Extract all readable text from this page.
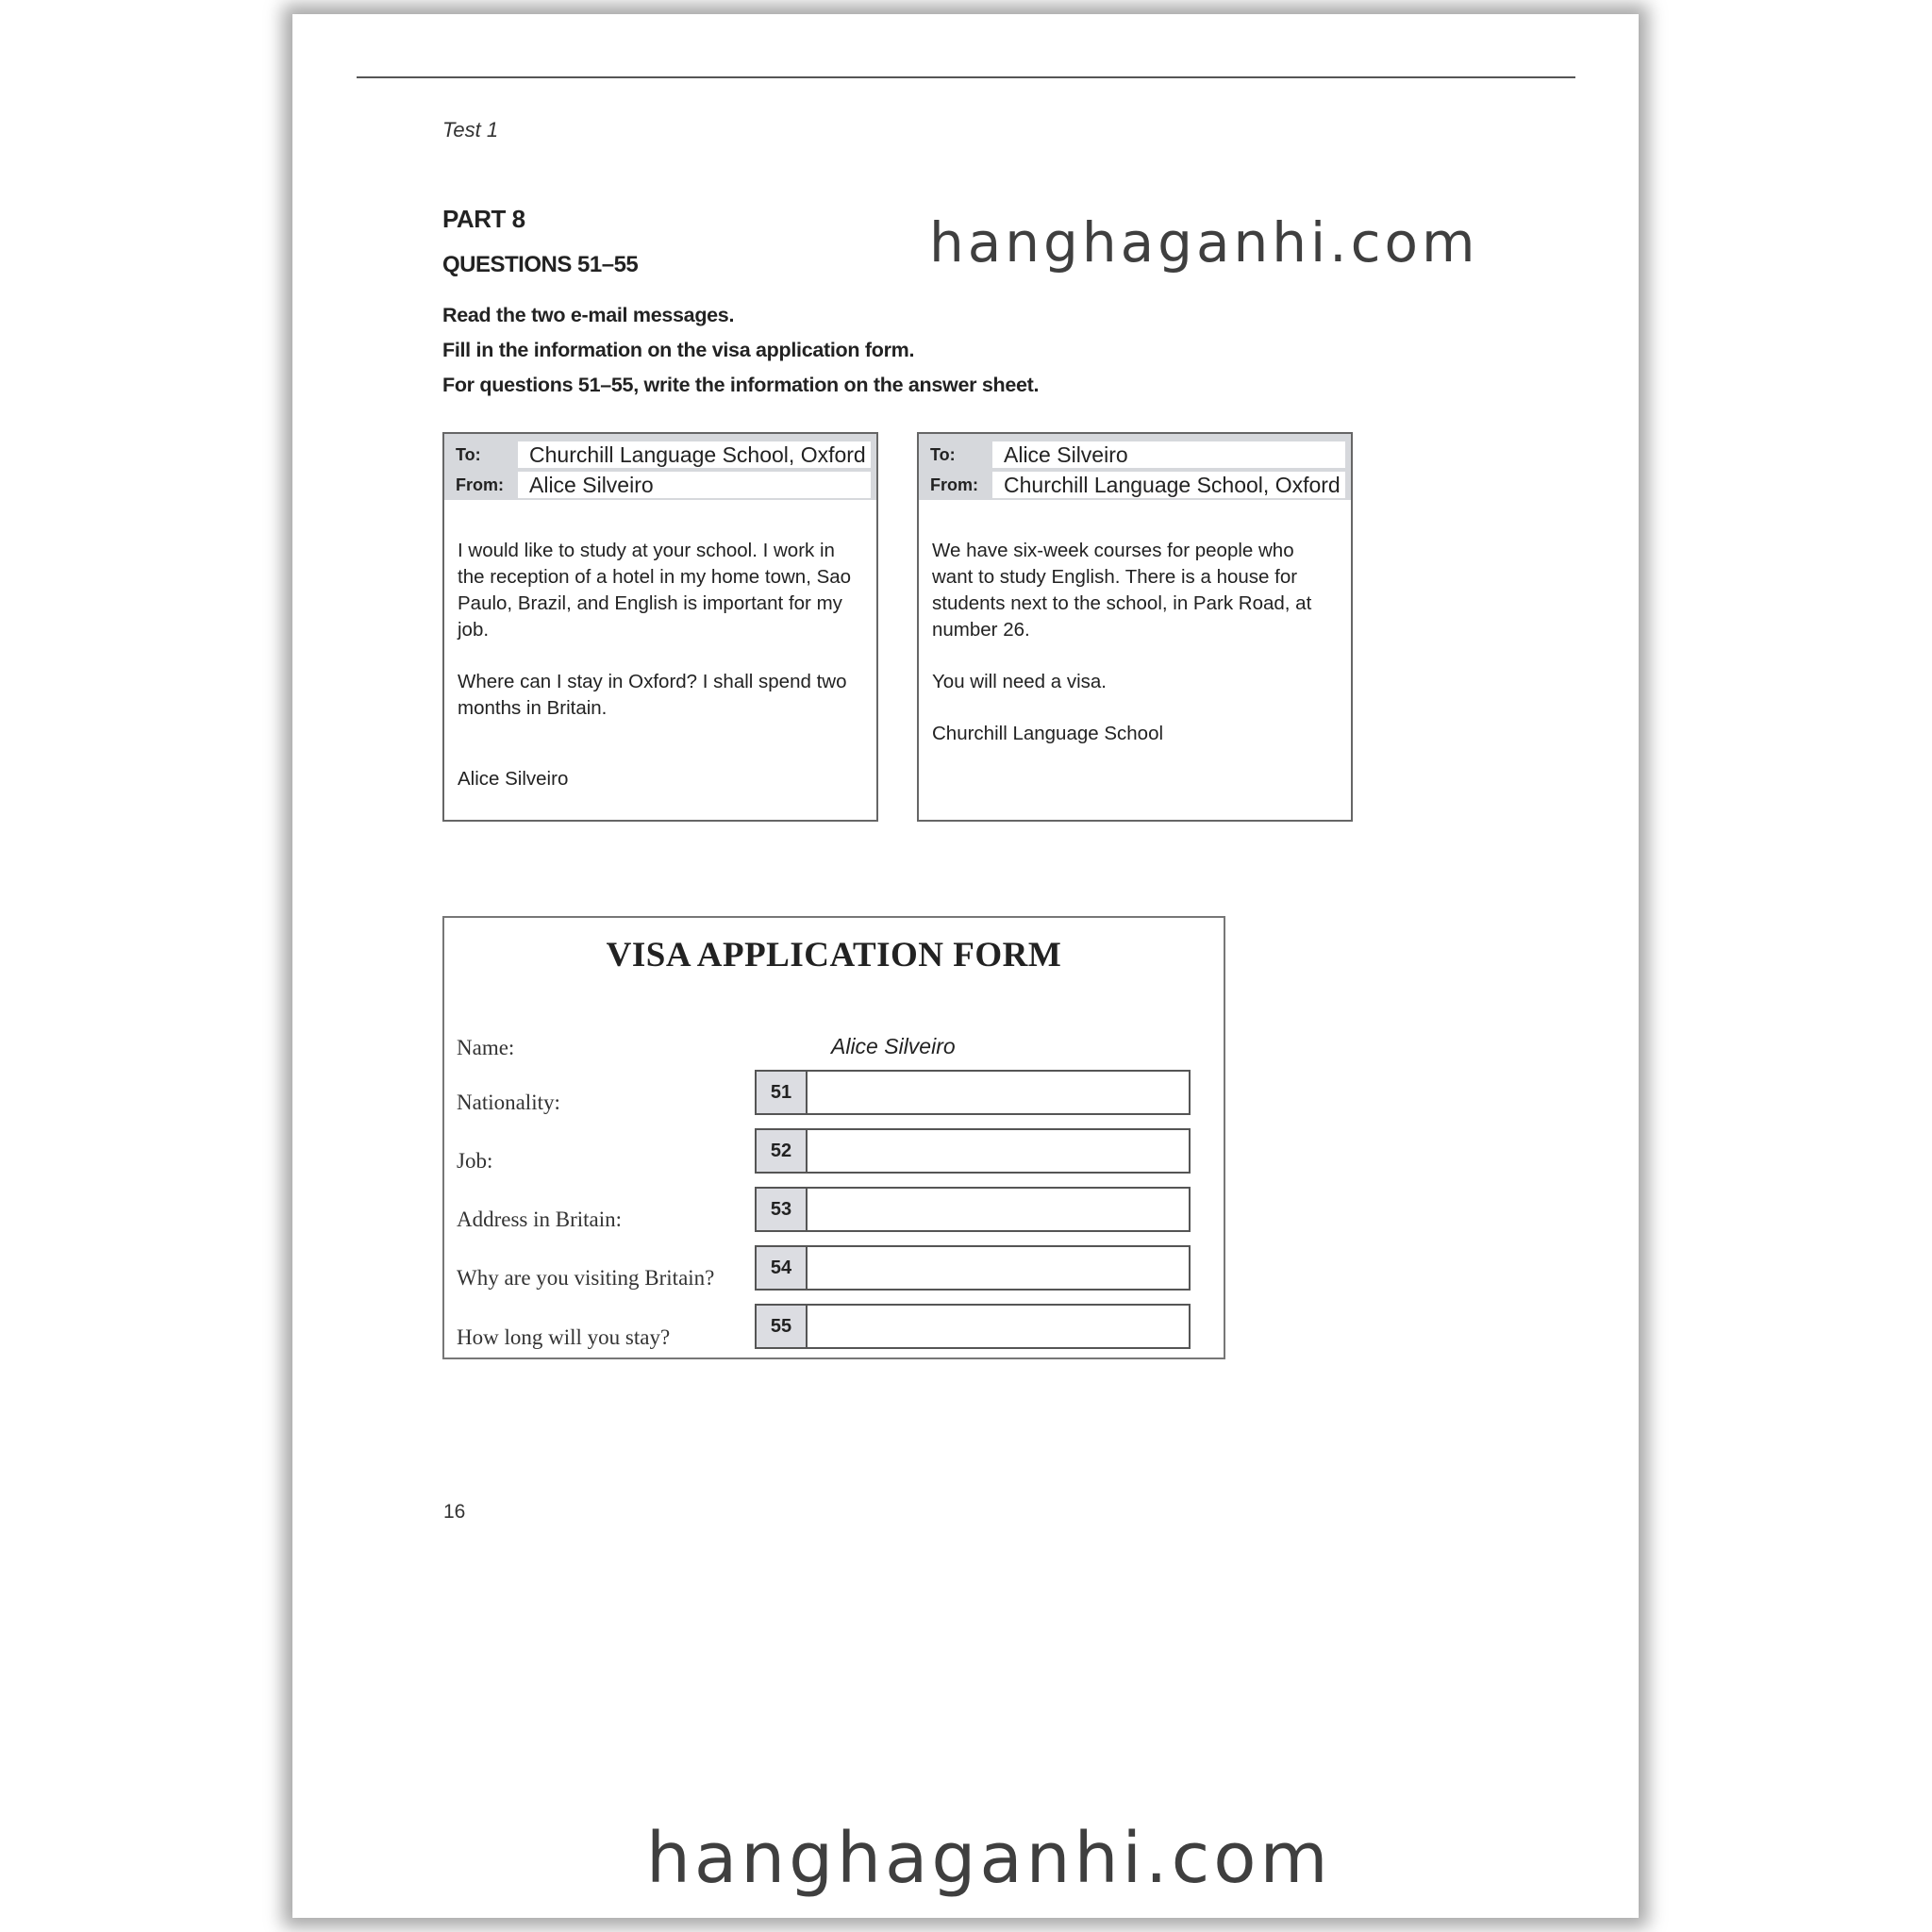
Test 1
PART 8
QUESTIONS 51–55
Read the two e-mail messages.
Fill in the information on the visa application form.
For questions 51–55, write the information on the answer sheet.
hanghaganhi.com
To:	Churchill Language School, Oxford
From:	Alice Silveiro

I would like to study at your school. I work in the reception of a hotel in my home town, Sao Paulo, Brazil, and English is important for my job.

Where can I stay in Oxford? I shall spend two months in Britain.

Alice Silveiro
To:	Alice Silveiro
From:	Churchill Language School, Oxford

We have six-week courses for people who want to study English. There is a house for students next to the school, in Park Road, at number 26.

You will need a visa.

Churchill Language School
VISA APPLICATION FORM
Name:	Alice Silveiro
Nationality:	51
Job:	52
Address in Britain:	53
Why are you visiting Britain?	54
How long will you stay?	55
16
hanghaganhi.com
